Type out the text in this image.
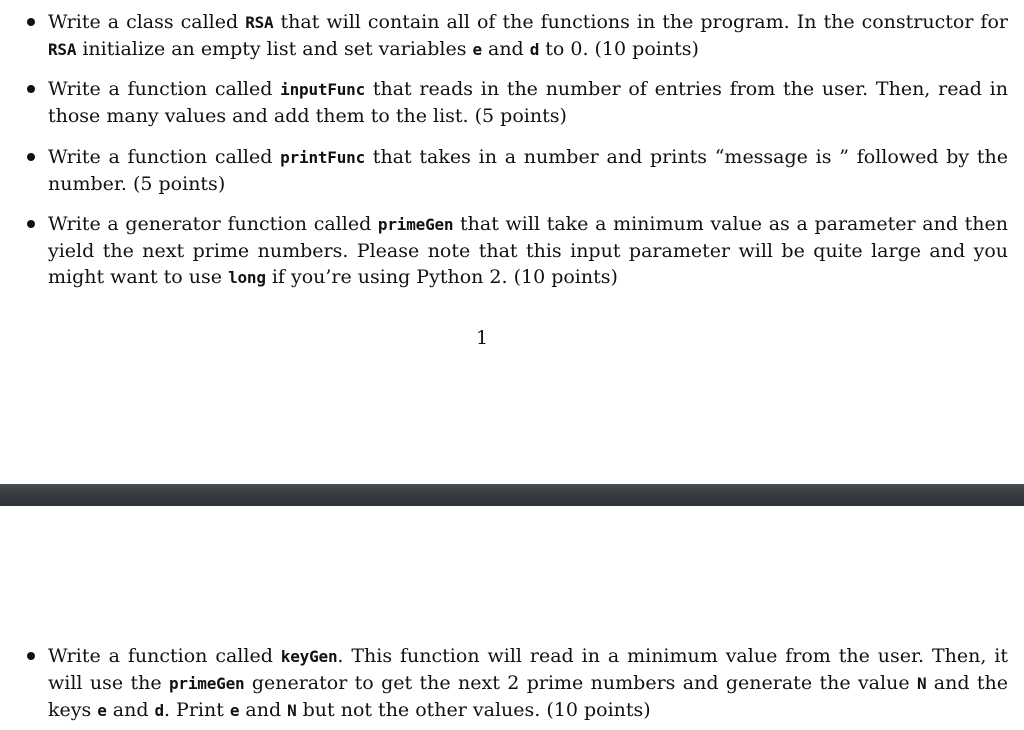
Write a class called RSA that will contain all of the functions in the program. In the constructor for RSA initialize an empty list and set variables e and d to 0. (10 points)
Write a function called inputFunc that reads in the number of entries from the user. Then, read in those many values and add them to the list. (5 points)
Write a function called printFunc that takes in a number and prints “message is ” followed by the number. (5 points)
Write a generator function called primeGen that will take a minimum value as a parameter and then yield the next prime numbers. Please note that this input parameter will be quite large and you might want to use long if you’re using Python 2. (10 points)
1
Write a function called keyGen. This function will read in a minimum value from the user. Then, it will use the primeGen generator to get the next 2 prime numbers and generate the value N and the keys e and d. Print e and N but not the other values. (10 points)
